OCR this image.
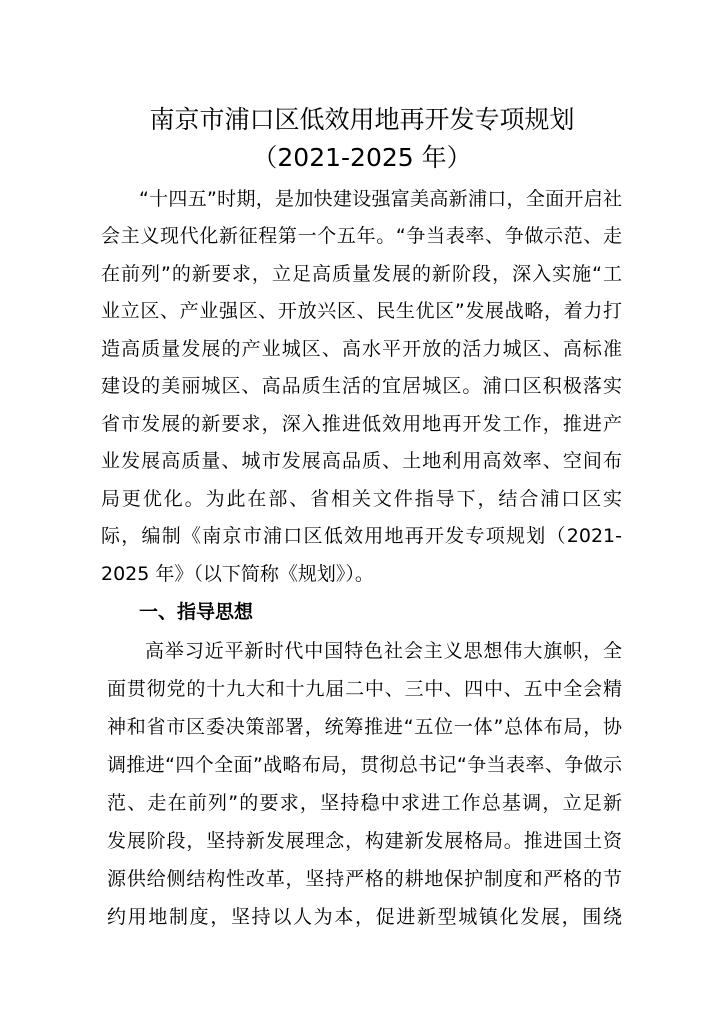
南京市浦口区低效用地再开发专项规划
（2021-2025 年）
“十四五”时期，是加快建设强富美高新浦口，全面开启社
会主义现代化新征程第一个五年。“争当表率、争做示范、走
在前列”的新要求，立足高质量发展的新阶段，深入实施“工
业立区、产业强区、开放兴区、民生优区”发展战略，着力打
造高质量发展的产业城区、高水平开放的活力城区、高标准
建设的美丽城区、高品质生活的宜居城区。浦口区积极落实
省市发展的新要求，深入推进低效用地再开发工作，推进产
业发展高质量、城市发展高品质、土地利用高效率、空间布
局更优化。为此在部、省相关文件指导下，结合浦口区实
际，编制《南京市浦口区低效用地再开发专项规划（2021-
2025 年》（以下简称《规划》）。
一、指导思想
高举习近平新时代中国特色社会主义思想伟大旗帜，全
面贯彻党的十九大和十九届二中、三中、四中、五中全会精
神和省市区委决策部署，统筹推进“五位一体”总体布局，协
调推进“四个全面”战略布局，贯彻总书记“争当表率、争做示
范、走在前列”的要求，坚持稳中求进工作总基调，立足新
发展阶段，坚持新发展理念，构建新发展格局。推进国土资
源供给侧结构性改革，坚持严格的耕地保护制度和严格的节
约用地制度，坚持以人为本，促进新型城镇化发展，围绕
